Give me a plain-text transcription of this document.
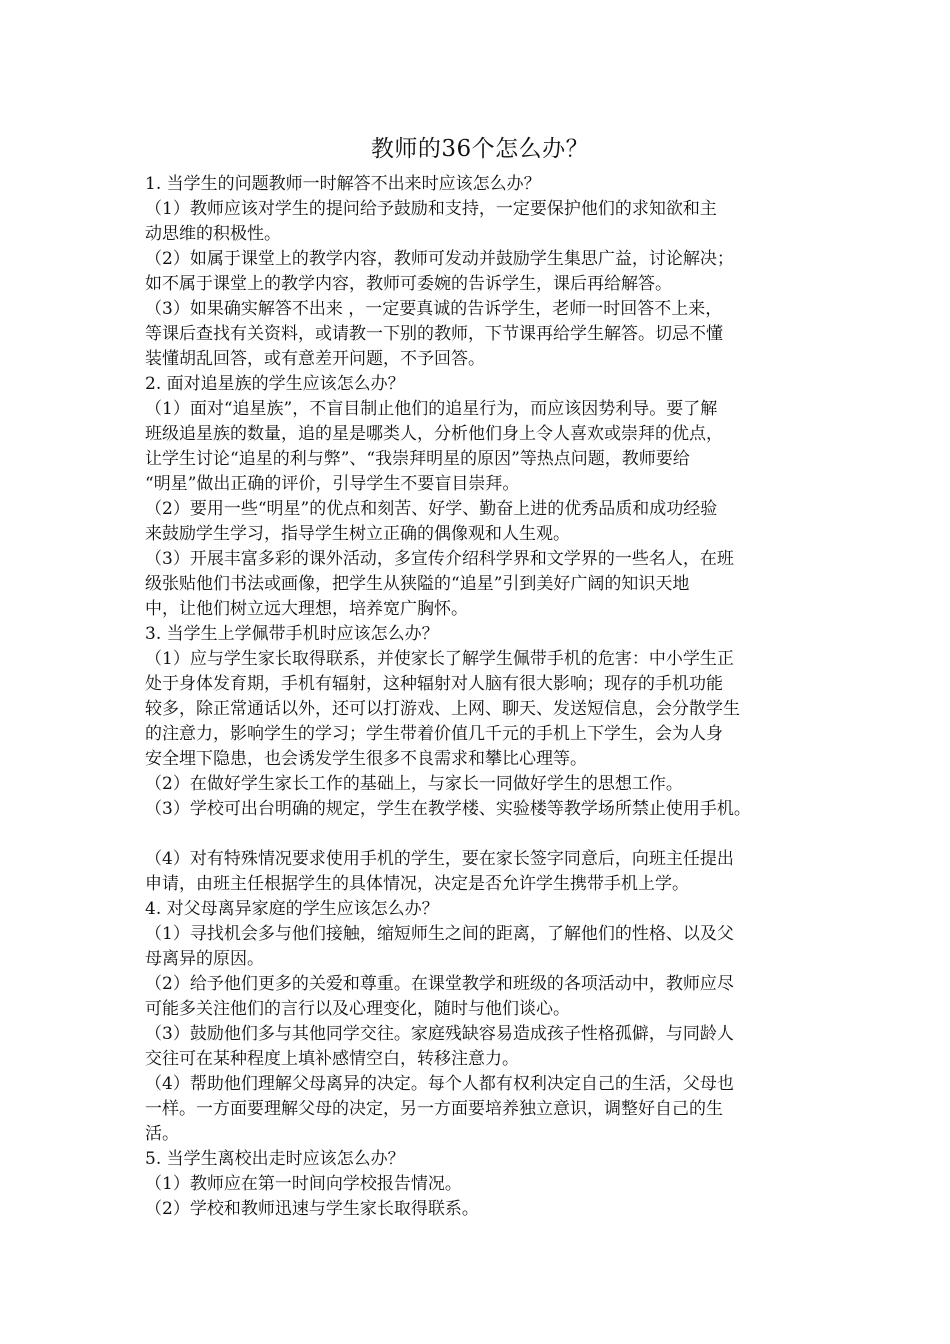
教师的36个怎么办？

1. 当学生的问题教师一时解答不出来时应该怎么办？

（1）教师应该对学生的提问给予鼓励和支持，一定要保护他们的求知欲和主

动思维的积极性。

（2）如属于课堂上的教学内容，教师可发动并鼓励学生集思广益，讨论解决；

如不属于课堂上的教学内容，教师可委婉的告诉学生，课后再给解答。

（3）如果确实解答不出来 ，一定要真诚的告诉学生，老师一时回答不上来，

等课后查找有关资料，或请教一下别的教师，下节课再给学生解答。切忌不懂

装懂胡乱回答，或有意差开问题，不予回答。

2. 面对追星族的学生应该怎么办？

（1）面对“追星族”，不盲目制止他们的追星行为，而应该因势利导。要了解

班级追星族的数量，追的星是哪类人，分析他们身上令人喜欢或崇拜的优点，

让学生讨论“追星的利与弊”、“我崇拜明星的原因”等热点问题，教师要给

“明星”做出正确的评价，引导学生不要盲目崇拜。

（2）要用一些“明星”的优点和刻苦、好学、勤奋上进的优秀品质和成功经验

来鼓励学生学习，指导学生树立正确的偶像观和人生观。

（3）开展丰富多彩的课外活动，多宣传介绍科学界和文学界的一些名人，在班

级张贴他们书法或画像，把学生从狭隘的“追星”引到美好广阔的知识天地

中，让他们树立远大理想，培养宽广胸怀。

3. 当学生上学佩带手机时应该怎么办？

（1）应与学生家长取得联系，并使家长了解学生佩带手机的危害：中小学生正

处于身体发育期，手机有辐射，这种辐射对人脑有很大影响；现存的手机功能

较多，除正常通话以外，还可以打游戏、上网、聊天、发送短信息，会分散学生

的注意力，影响学生的学习；学生带着价值几千元的手机上下学生，会为人身

安全埋下隐患，也会诱发学生很多不良需求和攀比心理等。

（2）在做好学生家长工作的基础上，与家长一同做好学生的思想工作。

（3）学校可出台明确的规定，学生在教学楼、实验楼等教学场所禁止使用手机。

（4）对有特殊情况要求使用手机的学生，要在家长签字同意后，向班主任提出

申请，由班主任根据学生的具体情况，决定是否允许学生携带手机上学。

4. 对父母离异家庭的学生应该怎么办？

（1）寻找机会多与他们接触，缩短师生之间的距离，了解他们的性格、以及父

母离异的原因。

（2）给予他们更多的关爱和尊重。在课堂教学和班级的各项活动中，教师应尽

可能多关注他们的言行以及心理变化，随时与他们谈心。

（3）鼓励他们多与其他同学交往。家庭残缺容易造成孩子性格孤僻，与同龄人

交往可在某种程度上填补感情空白，转移注意力。

（4）帮助他们理解父母离异的决定。每个人都有权利决定自己的生活，父母也

一样。一方面要理解父母的决定，另一方面要培养独立意识，调整好自己的生

活。

5. 当学生离校出走时应该怎么办？

（1）教师应在第一时间向学校报告情况。

（2）学校和教师迅速与学生家长取得联系。
